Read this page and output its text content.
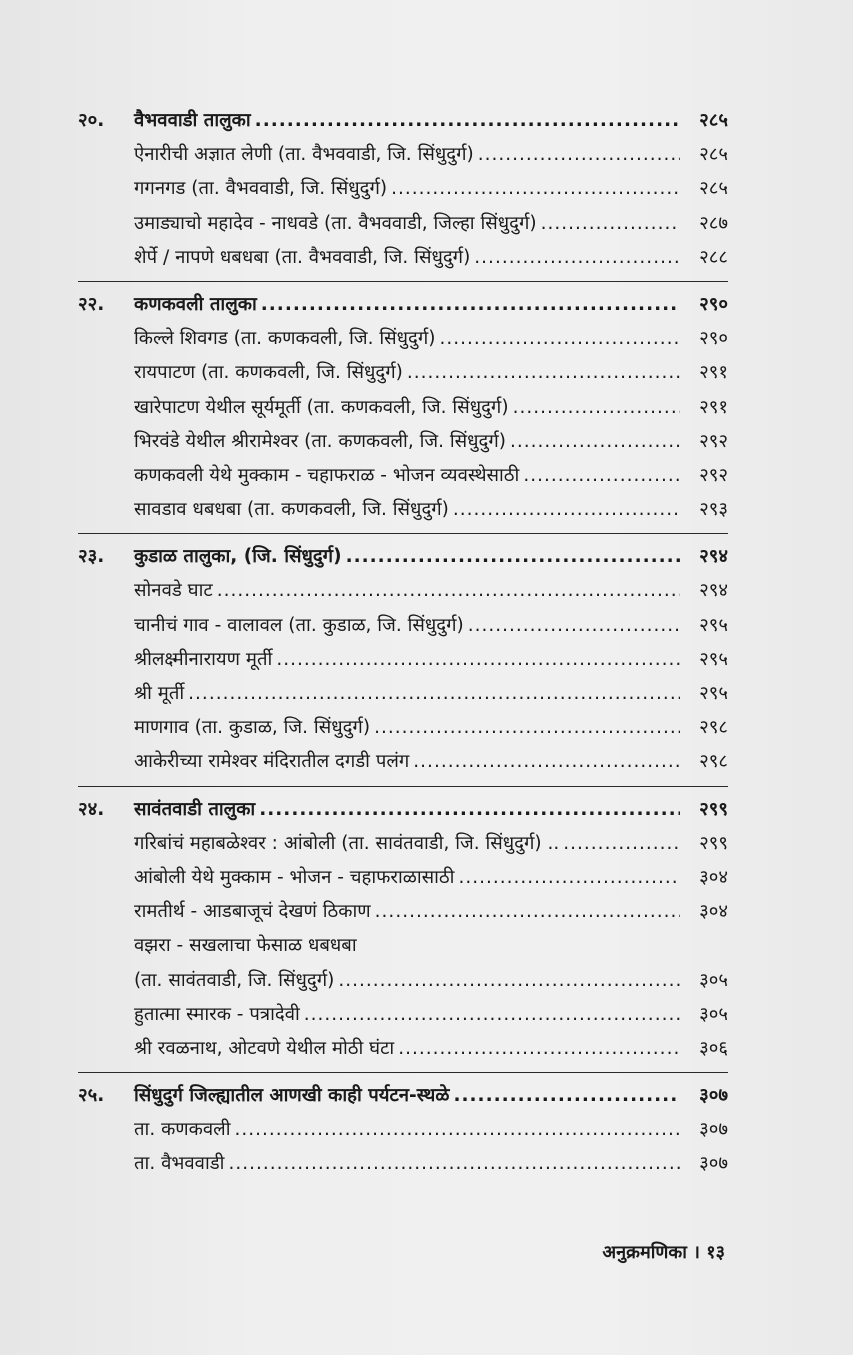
२०.	वैभववाडी तालुका .....	२८५
ऐनारीची अज्ञात लेणी (ता. वैभववाडी, जि. सिंधुदुर्ग) .....	२८५
गगनगड (ता. वैभववाडी, जि. सिंधुदुर्ग) .....	२८५
उमाड्याचो महादेव - नाधवडे (ता. वैभववाडी, जिल्हा सिंधुदुर्ग) .....	२८७
शेर्पे / नापणे धबधबा (ता. वैभववाडी, जि. सिंधुदुर्ग) .....	२८८
२२.	कणकवली तालुका .....	२९०
किल्ले शिवगड (ता. कणकवली, जि. सिंधुदुर्ग) .....	२९०
रायपाटण (ता. कणकवली, जि. सिंधुदुर्ग) .....	२९१
खारेपाटण येथील सूर्यमूर्ती (ता. कणकवली, जि. सिंधुदुर्ग) .....	२९१
भिरवंडे येथील श्रीरामेश्वर (ता. कणकवली, जि. सिंधुदुर्ग) .....	२९२
कणकवली येथे मुक्काम - चहाफराळ - भोजन व्यवस्थेसाठी .....	२९२
सावडाव धबधबा (ता. कणकवली, जि. सिंधुदुर्ग) .....	२९३
२३.	कुडाळ तालुका, (जि. सिंधुदुर्ग) .....	२९४
सोनवडे घाट .....	२९४
चानीचं गाव - वालावल (ता. कुडाळ, जि. सिंधुदुर्ग) .....	२९५
श्रीलक्ष्मीनारायण मूर्ती .....	२९५
श्री मूर्ती .....	२९५
माणगाव (ता. कुडाळ, जि. सिंधुदुर्ग) .....	२९८
आकेरीच्या रामेश्वर मंदिरातील दगडी पलंग .....	२९८
२४.	सावंतवाडी तालुका .....	२९९
गरिबांचं महाबळेश्वर : आंबोली (ता. सावंतवाडी, जि. सिंधुदुर्ग) .. .....	२९९
आंबोली येथे मुक्काम - भोजन - चहाफराळासाठी .....	३०४
रामतीर्थ - आडबाजूचं देखणं ठिकाण .....	३०४
वझरा - सखलाचा फेसाळ धबधबा
(ता. सावंतवाडी, जि. सिंधुदुर्ग) .....	३०५
हुतात्मा स्मारक - पत्रादेवी .....	३०५
श्री रवळनाथ, ओटवणे येथील मोठी घंटा .....	३०६
२५.	सिंधुदुर्ग जिल्ह्यातील आणखी काही पर्यटन-स्थळे .....	३०७
ता. कणकवली .....	३०७
ता. वैभववाडी .....	३०७
अनुक्रमणिका । १३
